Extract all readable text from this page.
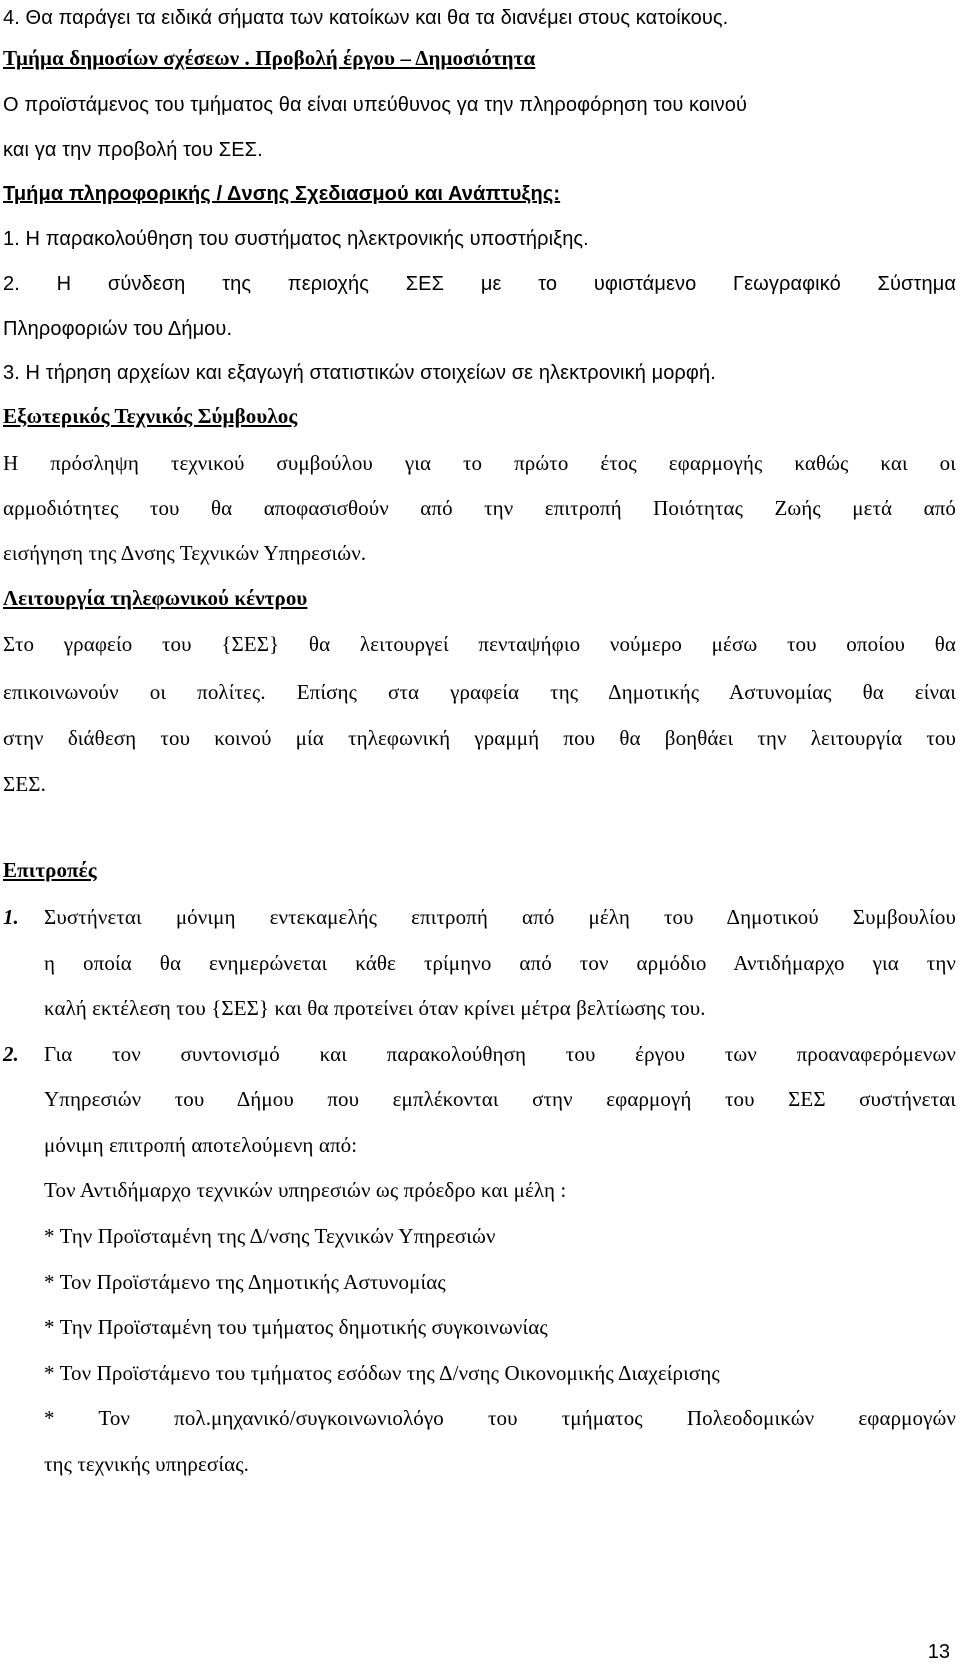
4. Θα παράγει τα ειδικά σήματα των κατοίκων και θα τα διανέμει στους κατοίκους.
Τμήμα δημοσίων σχέσεων . Προβολή έργου – Δημοσιότητα
Ο προϊστάμενος του τμήματος θα είναι υπεύθυνος γα την πληροφόρηση του κοινού
και γα την προβολή του ΣΕΣ.
Τμήμα πληροφορικής / Δνσης Σχεδιασμού και Ανάπτυξης:
1. Η παρακολούθηση του συστήματος ηλεκτρονικής υποστήριξης.
2. Η σύνδεση της περιοχής ΣΕΣ με το υφιστάμενο Γεωγραφικό Σύστημα
Πληροφοριών του Δήμου.
3. Η τήρηση αρχείων και εξαγωγή στατιστικών στοιχείων σε ηλεκτρονική μορφή.
Εξωτερικός Τεχνικός Σύμβουλος
Η πρόσληψη τεχνικού συμβούλου για το πρώτο έτος εφαρμογής καθώς και οι
αρμοδιότητες του θα αποφασισθούν από την επιτροπή Ποιότητας Ζωής μετά από
εισήγηση της Δνσης Τεχνικών Υπηρεσιών.
Λειτουργία τηλεφωνικού κέντρου
Στο γραφείο του {ΣΕΣ} θα λειτουργεί πενταψήφιο νούμερο μέσω του οποίου θα
επικοινωνούν οι πολίτες. Επίσης στα γραφεία της Δημοτικής Αστυνομίας θα είναι
στην διάθεση του κοινού μία τηλεφωνική γραμμή που θα βοηθάει την λειτουργία του
ΣΕΣ.
Επιτροπές
1. Συστήνεται μόνιμη εντεκαμελής επιτροπή από μέλη του Δημοτικού Συμβουλίου
η οποία θα ενημερώνεται κάθε τρίμηνο από τον αρμόδιο Αντιδήμαρχο για την
καλή εκτέλεση του {ΣΕΣ} και θα προτείνει όταν κρίνει μέτρα βελτίωσης του.
2. Για τον συντονισμό και παρακολούθηση του έργου των προαναφερόμενων
Υπηρεσιών του Δήμου που εμπλέκονται στην εφαρμογή του ΣΕΣ συστήνεται
μόνιμη επιτροπή αποτελούμενη από:
Τον Αντιδήμαρχο τεχνικών υπηρεσιών ως πρόεδρο και μέλη :
* Την Προϊσταμένη της Δ/νσης Τεχνικών Υπηρεσιών
* Τον Προϊστάμενο της Δημοτικής Αστυνομίας
* Την Προϊσταμένη του τμήματος δημοτικής συγκοινωνίας
* Τον Προϊστάμενο του τμήματος εσόδων της Δ/νσης Οικονομικής Διαχείρισης
* Τον πολ.μηχανικό/συγκοινωνιολόγο του τμήματος Πολεοδομικών εφαρμογών
της τεχνικής υπηρεσίας.
13
